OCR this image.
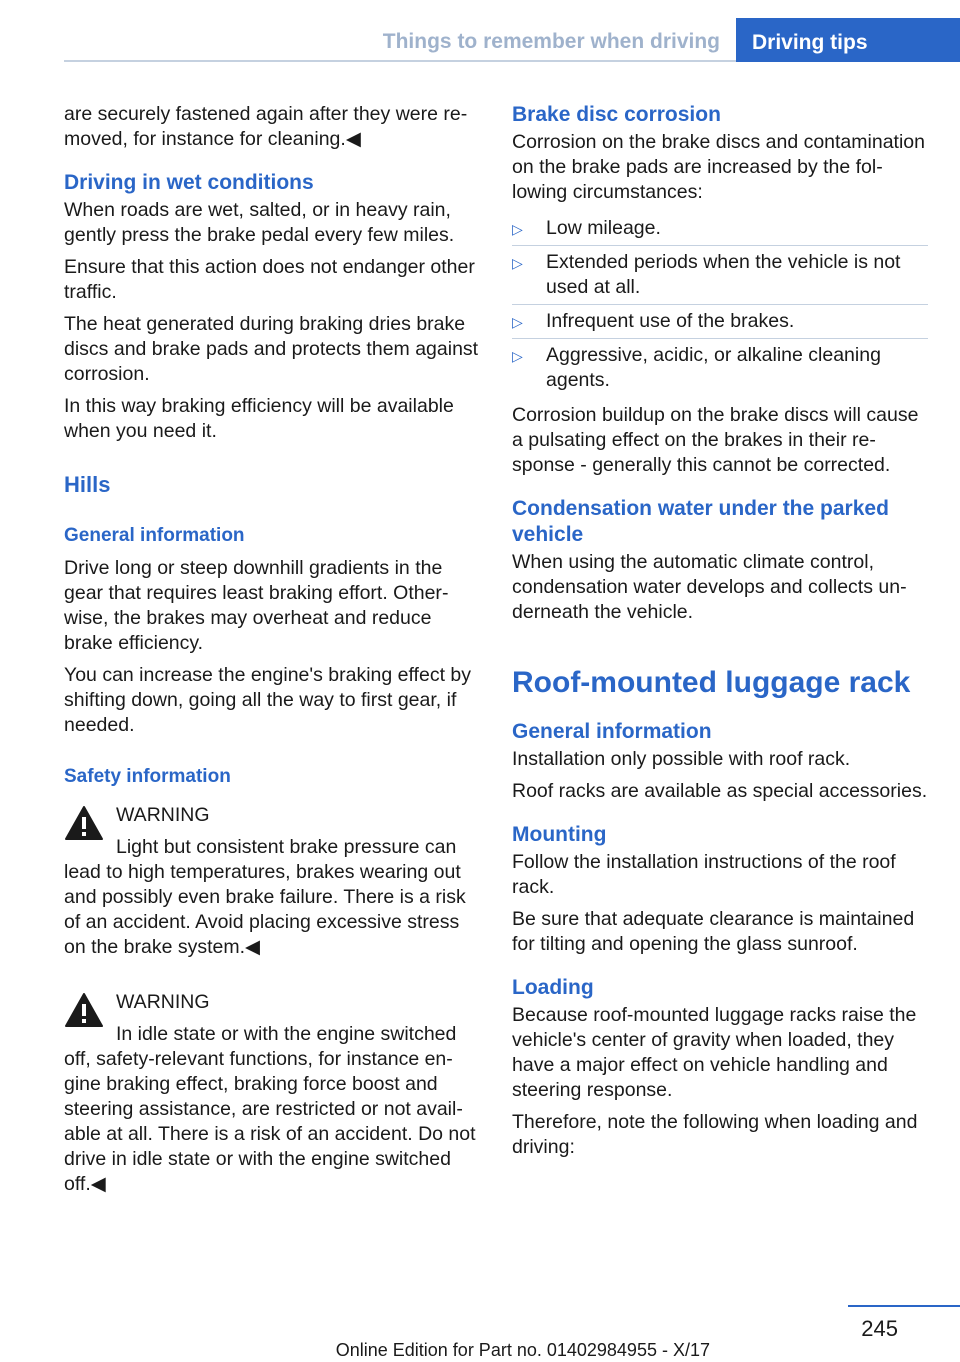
Things to remember when driving	Driving tips

are securely fastened again after they were removed, for instance for cleaning.◀

Driving in wet conditions

When roads are wet, salted, or in heavy rain, gently press the brake pedal every few miles.

Ensure that this action does not endanger other traffic.

The heat generated during braking dries brake discs and brake pads and protects them against corrosion.

In this way braking efficiency will be available when you need it.

Hills
General information

Drive long or steep downhill gradients in the gear that requires least braking effort. Otherwise, the brakes may overheat and reduce brake efficiency.

You can increase the engine's braking effect by shifting down, going all the way to first gear, if needed.

Safety information
WARNING
Light but consistent brake pressure can lead to high temperatures, brakes wearing out and possibly even brake failure. There is a risk of an accident. Avoid placing excessive stress on the brake system.◀
WARNING
In idle state or with the engine switched off, safety-relevant functions, for instance engine braking effect, braking force boost and steering assistance, are restricted or not available at all. There is a risk of an accident. Do not drive in idle state or with the engine switched off.◀
Brake disc corrosion

Corrosion on the brake discs and contamination on the brake pads are increased by the following circumstances:

▷ Low mileage.
▷ Extended periods when the vehicle is not used at all.
▷ Infrequent use of the brakes.
▷ Aggressive, acidic, or alkaline cleaning agents.

Corrosion buildup on the brake discs will cause a pulsating effect on the brakes in their response - generally this cannot be corrected.

Condensation water under the parked vehicle

When using the automatic climate control, condensation water develops and collects underneath the vehicle.

Roof-mounted luggage rack
General information

Installation only possible with roof rack.

Roof racks are available as special accessories.

Mounting

Follow the installation instructions of the roof rack.

Be sure that adequate clearance is maintained for tilting and opening the glass sunroof.

Loading

Because roof-mounted luggage racks raise the vehicle's center of gravity when loaded, they have a major effect on vehicle handling and steering response.

Therefore, note the following when loading and driving:

245
Online Edition for Part no. 01402984955 - X/17
